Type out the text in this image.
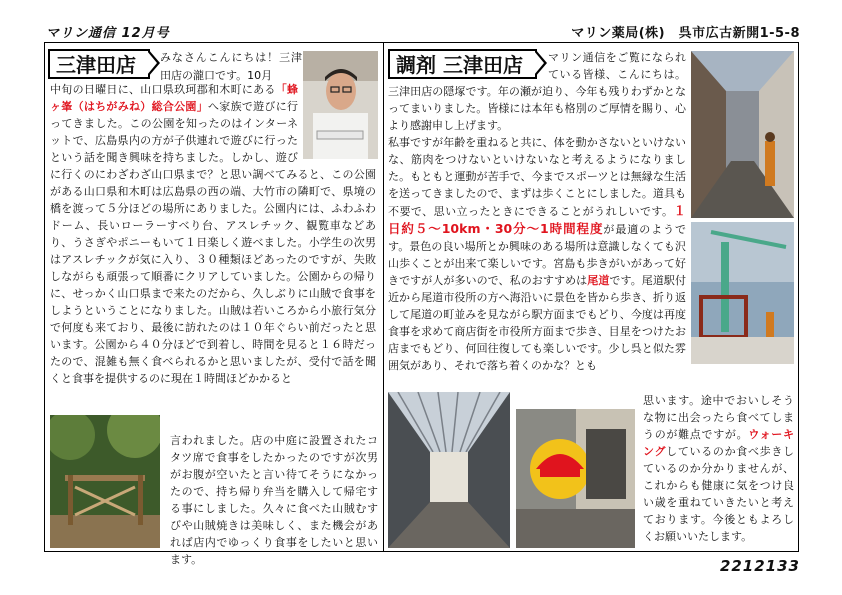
マリン通信 12月号	マリン薬局(株)　呉市広古新開1-5-8
三津田店	みなさんこんにちは！三津田店の瀧口です。10月
中旬の日曜日に、山口県玖珂郡和木町にある「蜂ヶ峯（はちがみね）総合公園」へ家族で遊びに行ってきました。この公園を知ったのはインターネットで、広島県内の方が子供連れで遊びに行ったという話を聞き興味を持ちました。しかし、遊びに行くのにわざわざ山口県まで？と思い調べてみると、この公園がある山口県和木町は広島県の西の端、大竹市の隣町で、県境の橋を渡って５分ほどの場所にありました。公園内には、ふわふわドーム、長いローラーすべり台、アスレチック、観覧車などあり、うさぎやポニーもいて１日楽しく遊べました。小学生の次男はアスレチックが気に入り、３０種類ほどあったのですが、失敗しながらも頑張って順番にクリアしていました。公園からの帰りに、せっかく山口県まで来たのだから、久しぶりに山賊で食事をしようということになりました。山賊は若いころから小旅行気分で何度も来ており、最後に訪れたのは１０年ぐらい前だったと思います。公園から４０分ほどで到着し、時間を見ると１６時だったので、混雑も無く食べられるかと思いましたが、受付で話を聞くと食事を提供するのに現在１時間ほどかかると
言われました。店の中庭に設置されたコタツ席で食事をしたかったのですが次男がお腹が空いたと言い待てそうになかったので、持ち帰り弁当を購入して帰宅する事にしました。久々に食べた山賊むすびや山賊焼きは美味しく、また機会があれば店内でゆっくり食事をしたいと思います。
調剤 三津田店	マリン通信をご覧になられている皆様、こんにちは。三津田店の隠塚です。年の瀬が迫り、今年も残りわずかとなってまいりました。皆様には本年も格別のご厚情を賜り、心より感謝申し上げます。
私事ですが年齢を重ねると共に、体を動かさないといけないな、筋肉をつけないといけないなと考えるようになりました。もともと運動が苦手で、今までスポーツとは無縁な生活を送ってきましたので、まずは歩くことにしました。道具も不要で、思い立ったときにできることがうれしいです。１日約５～10km・30分～1時間程度が最適のようです。景色の良い場所とか興味のある場所は意識しなくても沢山歩くことが出来て楽しいです。宮島も歩きがいがあって好きですが人が多いので、私のおすすめは尾道です。尾道駅付近から尾道市役所の方へ海沿いに景色を皆から歩き、折り返して尾道の町並みを見ながら駅方面までもどり、今度は再度食事を求めて商店街を市役所方面まで歩き、目星をつけたお店までもどり、何回往復しても楽しいです。少し呉と似た雰囲気があり、それで落ち着くのかな？とも
思います。途中でおいしそうな物に出会ったら食べてしまうのが難点ですが。ウォーキングしているのか食べ歩きしているのか分かりませんが、これからも健康に気をつけ良い歳を重ねていきたいと考えております。今後ともよろしくお願いいたします。
2212133
